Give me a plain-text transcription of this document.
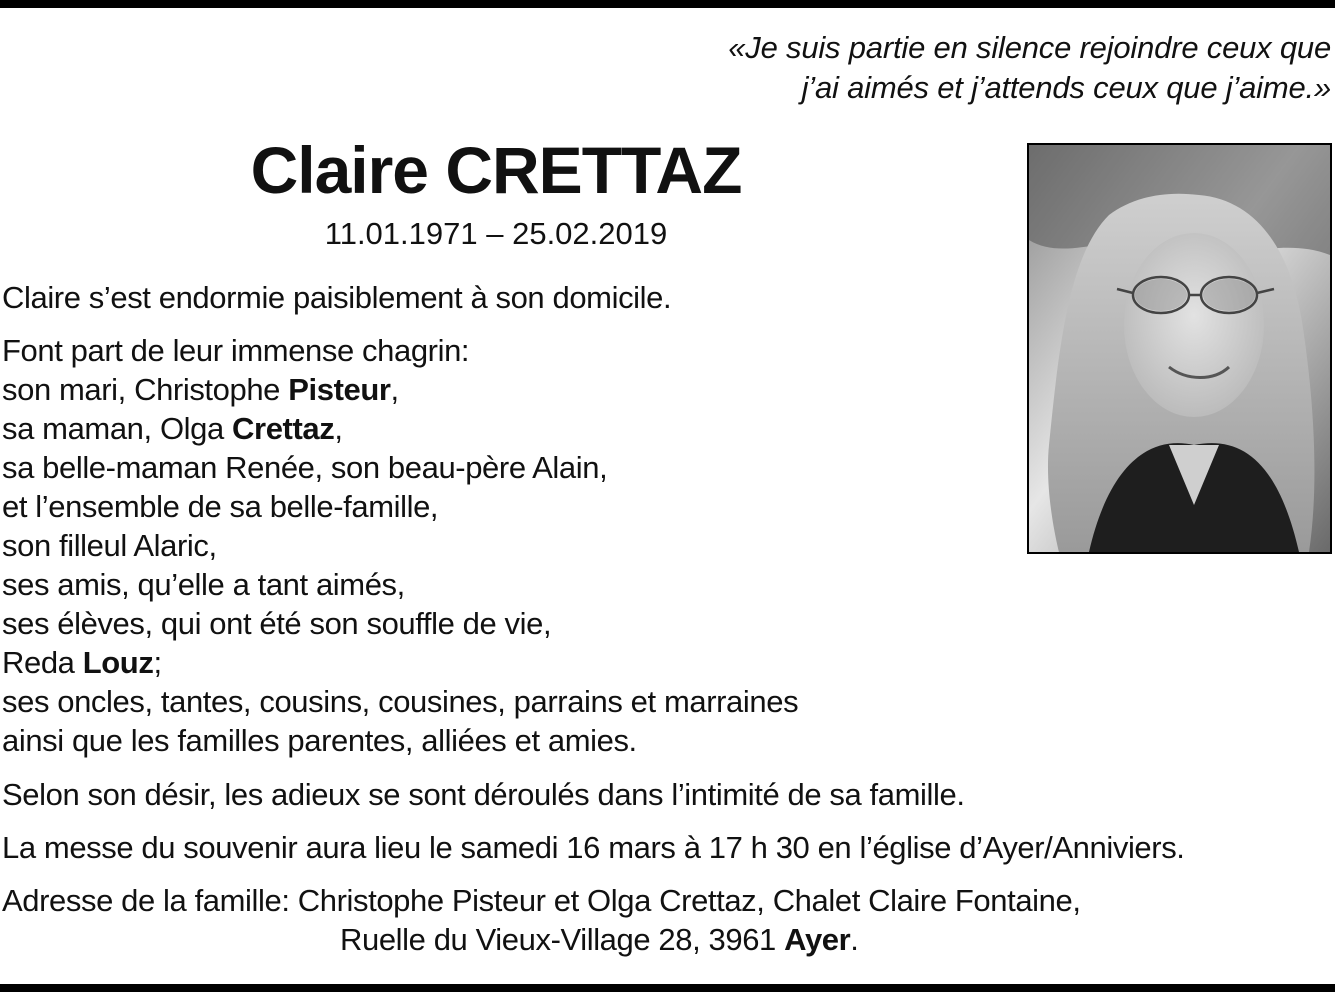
«Je suis partie en silence rejoindre ceux que
j’ai aimés et j’attends ceux que j’aime.»
Claire CRETTAZ
11.01.1971 – 25.02.2019
Claire s’est endormie paisiblement à son domicile.
Font part de leur immense chagrin:
son mari, Christophe Pisteur,
sa maman, Olga Crettaz,
sa belle-maman Renée, son beau-père Alain,
et l’ensemble de sa belle-famille,
son filleul Alaric,
ses amis, qu’elle a tant aimés,
ses élèves, qui ont été son souffle de vie,
Reda Louz;
ses oncles, tantes, cousins, cousines, parrains et marraines
ainsi que les familles parentes, alliées et amies.
Selon son désir, les adieux se sont déroulés dans l’intimité de sa famille.
La messe du souvenir aura lieu le samedi 16 mars à 17 h 30 en l’église d’Ayer/Anniviers.
Adresse de la famille: Christophe Pisteur et Olga Crettaz, Chalet Claire Fontaine,
Ruelle du Vieux-Village 28, 3961 Ayer.
